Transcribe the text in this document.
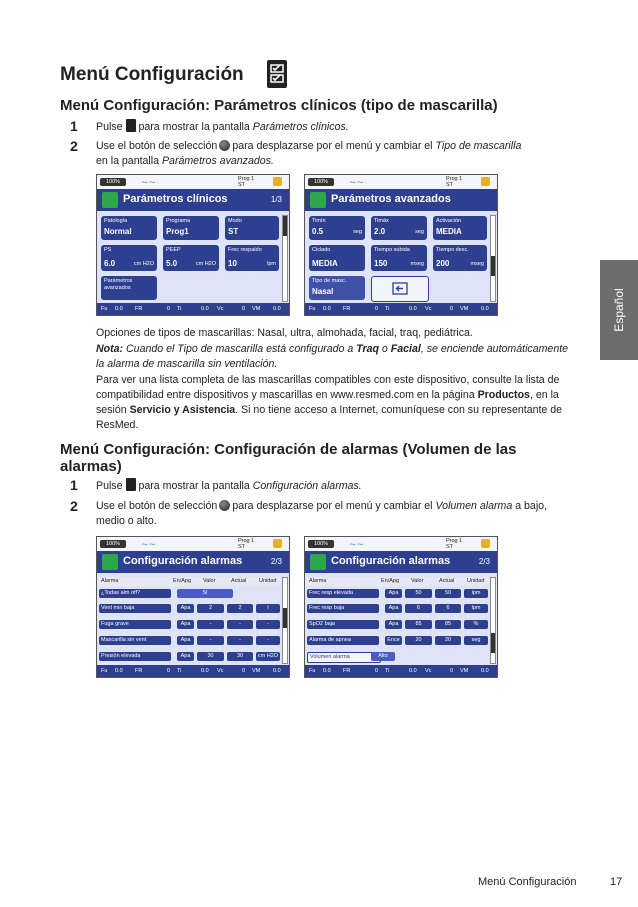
Menú Configuración
Menú Configuración: Parámetros clínicos (tipo de mascarilla)
1 Pulse para mostrar la pantalla Parámetros clínicos.
2 Use el botón de selección para desplazarse por el menú y cambiar el Tipo de mascarilla
en la pantalla Parámetros avanzados.
100%	∼∼	Prog 1
ST
Parámetros clínicos	1/3
Patología
Normal
Programa
Prog1
Modo
ST
PS
6.0	cm H2O
PEEP
5.0	cm H2O
Frec respaldo
10	lpm
Parámetros avanzados
Fu 0.0 FR	0 Ti	0.0 Vc	0 VM 0.0
100%	∼∼	Prog 1
ST
Parámetros avanzados
Timín
0.5	seg
Timáx
2.0	seg
Activación
MEDIA
Ciclado
MEDIA
Tiempo subida
150	mseg
Tiempo desc.
200	mseg
Tipo de masc.
Nasal
Fu 0.0 FR	0 Ti	0.0 Vc	0 VM 0.0
Opciones de tipos de mascarillas: Nasal, ultra, almohada, facial, traq, pediátrica.
Nota: Cuando el Tipo de mascarilla está configurado a Traq o Facial, se enciende automáticamente la alarma de mascarilla sin ventilación.
Para ver una lista completa de las mascarillas compatibles con este dispositivo, consulte la lista de compatibilidad entre dispositivos y mascarillas en www.resmed.com en la página Productos, en la sesión Servicio y Asistencia. Si no tiene acceso a Internet, comuníquese con su representante de ResMed.
Menú Configuración: Configuración de alarmas (Volumen de las alarmas)
1 Pulse para mostrar la pantalla Configuración alarmas.
2 Use el botón de selección para desplazarse por el menú y cambiar el Volumen alarma a bajo, medio o alto.
100%	∼∼	Prog 1
ST
Configuración alarmas	2/3
Alarma	En/Apg Valor	Actual Unidad
¿Todas alm off?	Sí
Vent min baja	Apa	2	2	l
Fuga grave	Apa	-	-	-
Mascarilla sin vent	Apa	-	-	-
Presión elevada	Apa	30	30	cm H2O
Fu 0.0 FR	0 Ti	0.0 Vc	0 VM 0.0
100%	∼∼	Prog 1
ST
Configuración alarmas	2/3
Alarma	En/Apg Valor	Actual Unidad
Frec resp elevada	Apa	50	50	lpm
Frec resp baja	Apa	6	6	lpm
SpO2 baja	Apa	85	85	%
Alarma de apnea	Ence	20	20	seg
Volumen alarma	Alto
Fu 0.0 FR	0 Ti	0.0 Vc	0 VM 0.0
Español
Menú Configuración	17
